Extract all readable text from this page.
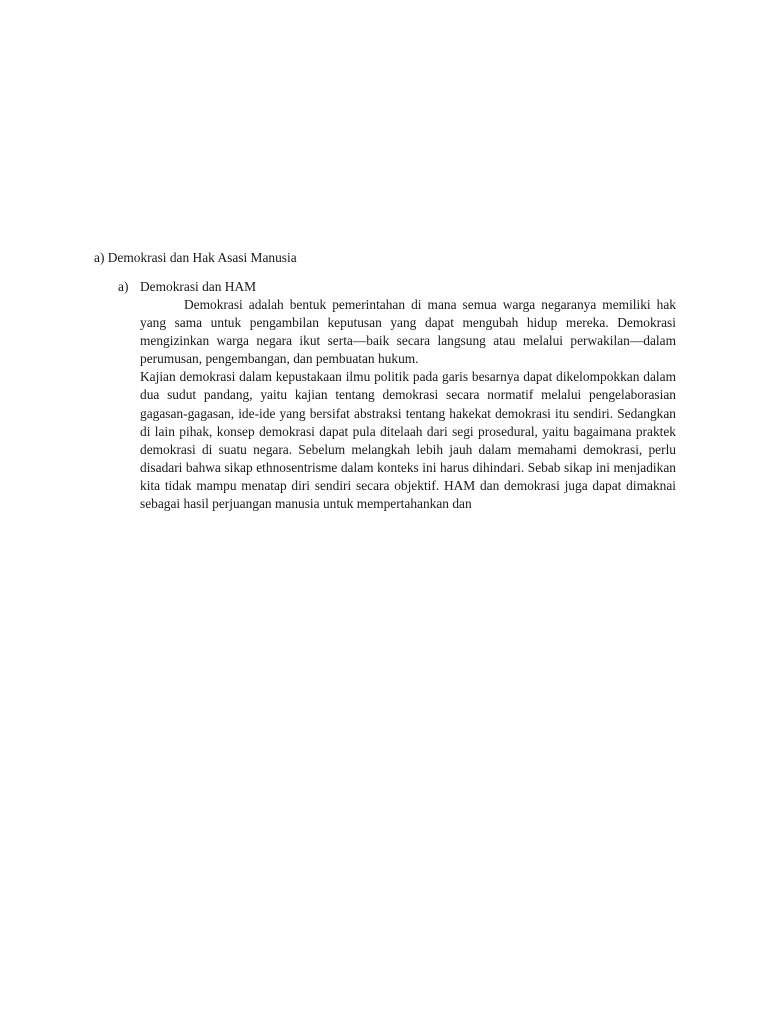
a) Demokrasi dan Hak Asasi Manusia
a) Demokrasi dan HAM

Demokrasi adalah bentuk pemerintahan di mana semua warga negaranya memiliki hak yang sama untuk pengambilan keputusan yang dapat mengubah hidup mereka. Demokrasi mengizinkan warga negara ikut serta—baik secara langsung atau melalui perwakilan—dalam perumusan, pengembangan, dan pembuatan hukum.

Kajian demokrasi dalam kepustakaan ilmu politik pada garis besarnya dapat dikelompokkan dalam dua sudut pandang, yaitu kajian tentang demokrasi secara normatif melalui pengelaborasian gagasan-gagasan, ide-ide yang bersifat abstraksi tentang hakekat demokrasi itu sendiri. Sedangkan di lain pihak, konsep demokrasi dapat pula ditelaah dari segi prosedural, yaitu bagaimana praktek demokrasi di suatu negara. Sebelum melangkah lebih jauh dalam memahami demokrasi, perlu disadari bahwa sikap ethnosentrisme dalam konteks ini harus dihindari. Sebab sikap ini menjadikan kita tidak mampu menatap diri sendiri secara objektif. HAM dan demokrasi juga dapat dimaknai sebagai hasil perjuangan manusia untuk mempertahankan dan
